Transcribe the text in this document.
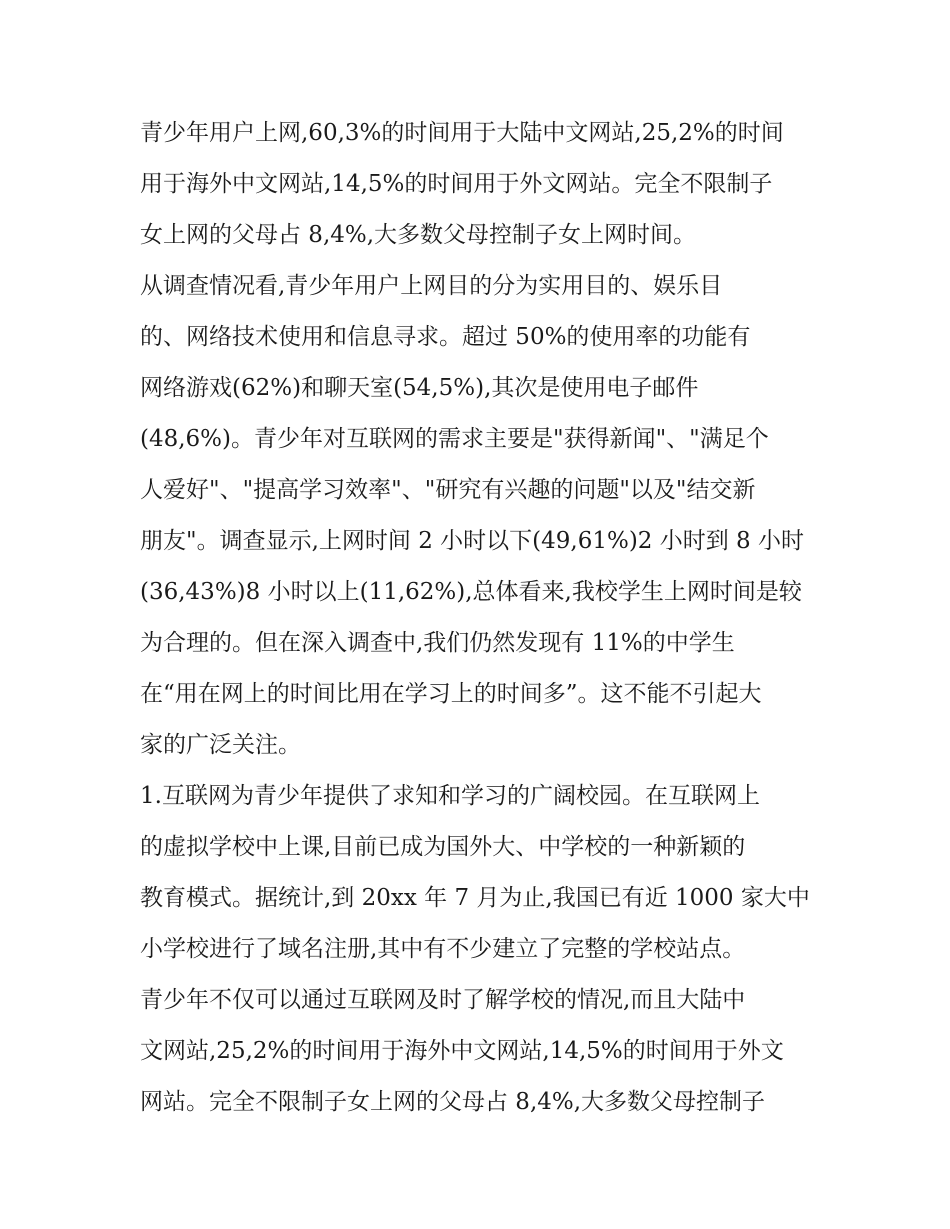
青少年用户上网,60,3%的时间用于大陆中文网站,25,2%的时间
用于海外中文网站,14,5%的时间用于外文网站。完全不限制子
女上网的父母占 8,4%,大多数父母控制子女上网时间。
从调查情况看,青少年用户上网目的分为实用目的、娱乐目
的、网络技术使用和信息寻求。超过 50%的使用率的功能有
网络游戏(62%)和聊天室(54,5%),其次是使用电子邮件
(48,6%)。青少年对互联网的需求主要是"获得新闻"、"满足个
人爱好"、"提高学习效率"、"研究有兴趣的问题"以及"结交新
朋友"。调查显示,上网时间 2 小时以下(49,61%)2 小时到 8 小时
(36,43%)8 小时以上(11,62%),总体看来,我校学生上网时间是较
为合理的。但在深入调查中,我们仍然发现有 11%的中学生
在“用在网上的时间比用在学习上的时间多”。这不能不引起大
家的广泛关注。
1.互联网为青少年提供了求知和学习的广阔校园。在互联网上
的虚拟学校中上课,目前已成为国外大、中学校的一种新颖的
教育模式。据统计,到 20xx 年 7 月为止,我国已有近 1000 家大中
小学校进行了域名注册,其中有不少建立了完整的学校站点。
青少年不仅可以通过互联网及时了解学校的情况,而且大陆中
文网站,25,2%的时间用于海外中文网站,14,5%的时间用于外文
网站。完全不限制子女上网的父母占 8,4%,大多数父母控制子
